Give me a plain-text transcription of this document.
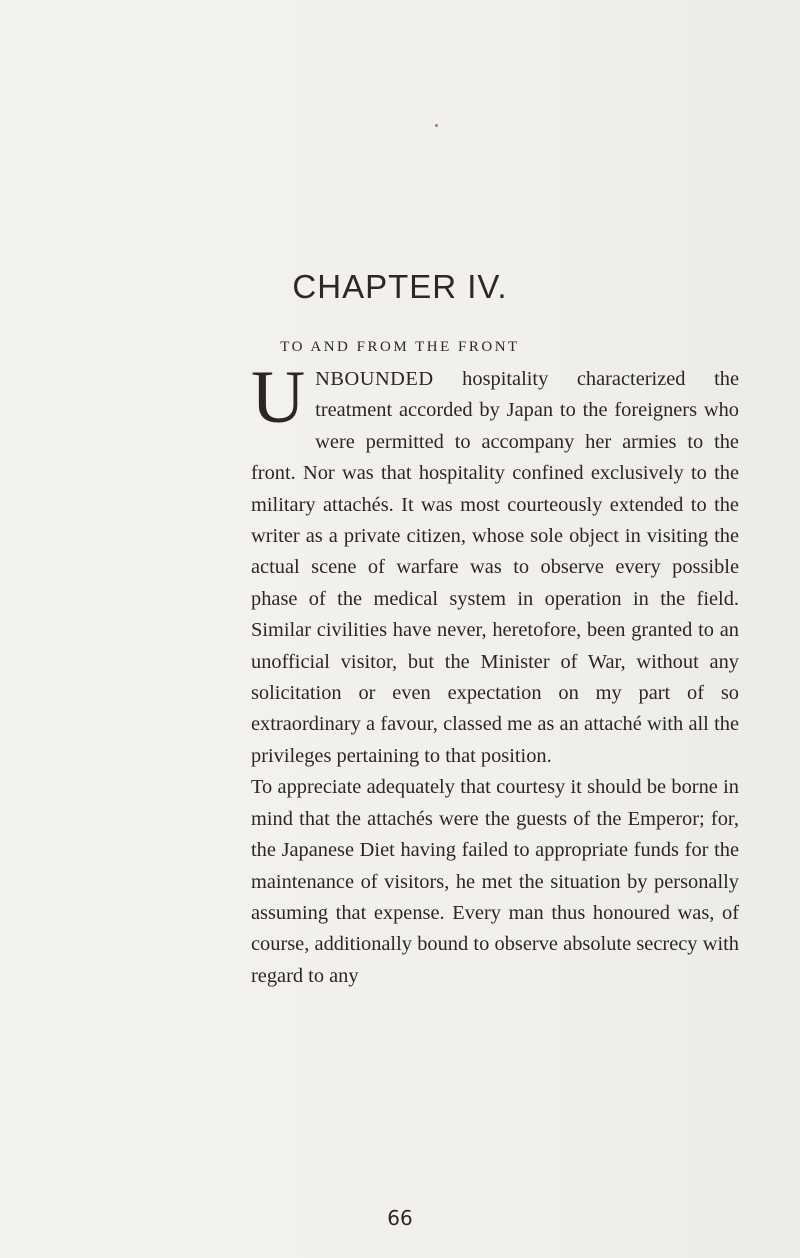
CHAPTER IV.
TO AND FROM THE FRONT

UNBOUNDED hospitality characterized the treatment accorded by Japan to the foreigners who were permitted to accompany her armies to the front. Nor was that hospitality confined exclusively to the military attachés. It was most courteously extended to the writer as a private citizen, whose sole object in visiting the actual scene of warfare was to observe every possible phase of the medical system in operation in the field. Similar civilities have never, heretofore, been granted to an unofficial visitor, but the Minister of War, without any solicitation or even expectation on my part of so extraordinary a favour, classed me as an attaché with all the privileges pertaining to that position.

To appreciate adequately that courtesy it should be borne in mind that the attachés were the guests of the Emperor; for, the Japanese Diet having failed to appropriate funds for the maintenance of visitors, he met the situation by personally assuming that expense. Every man thus honoured was, of course, additionally bound to observe absolute secrecy with regard to any

66
